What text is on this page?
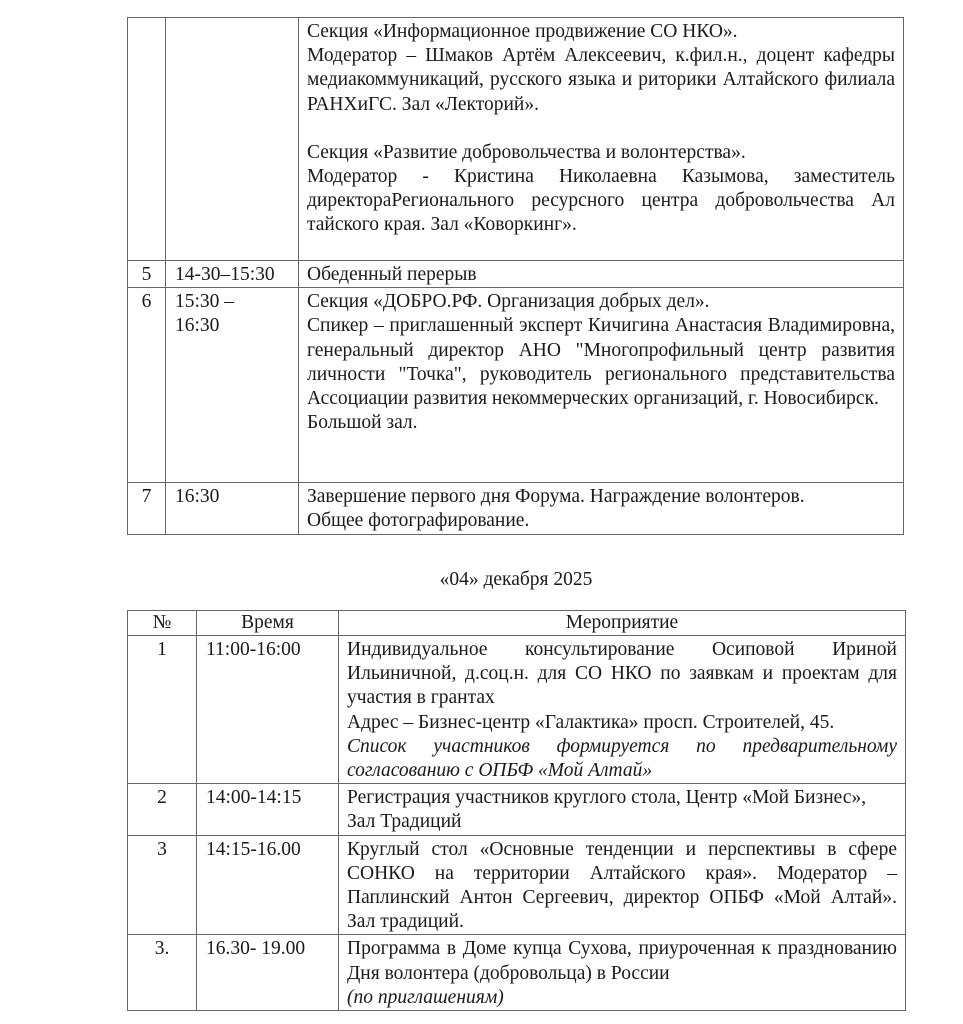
		Секция «Информационное продвижение СО НКО».
Модератор – Шмаков Артём Алексеевич, к.фил.н., доцент кафедры медиакоммуникаций, русского языка и риторики Алтайского филиала РАНХиГС. Зал «Лекторий».
Секция «Развитие добровольчества и волонтерства».
Модератор - Кристина Николаевна Казымова, заместитель директораРегионального ресурсного центра добровольчества Ал тайского края. Зал «Коворкинг».

5	14-30–15:30	Обеденный перерыв

6	15:30 – 16:30	Секция «ДОБРО.РФ. Организация добрых дел».
Спикер – приглашенный эксперт Кичигина Анастасия Владимировна, генеральный директор АНО "Многопрофильный центр развития личности "Точка", руководитель регионального представительства Ассоциации развития некоммерческих организаций, г. Новосибирск.
Большой зал.

7	16:30	Завершение первого дня Форума. Награждение волонтеров.
Общее фотографирование.
«04» декабря 2025
№	Время	Мероприятие
1	11:00-16:00	Индивидуальное консультирование Осиповой Ириной Ильиничной, д.соц.н. для СО НКО по заявкам и проектам для участия в грантах
Адрес – Бизнес-центр «Галактика» просп. Строителей, 45.
Список участников формируется по предварительному согласованию с ОПБФ «Мой Алтай»

2	14:00-14:15	Регистрация участников круглого стола, Центр «Мой Бизнес», Зал Традиций

3	14:15-16.00	Круглый стол «Основные тенденции и перспективы в сфере СОНКО на территории Алтайского края». Модератор – Паплинский Антон Сергеевич, директор ОПБФ «Мой Алтай». Зал традиций.

3.	16.30- 19.00	Программа в Доме купца Сухова, приуроченная к празднованию Дня волонтера (добровольца) в России
(по приглашениям)
